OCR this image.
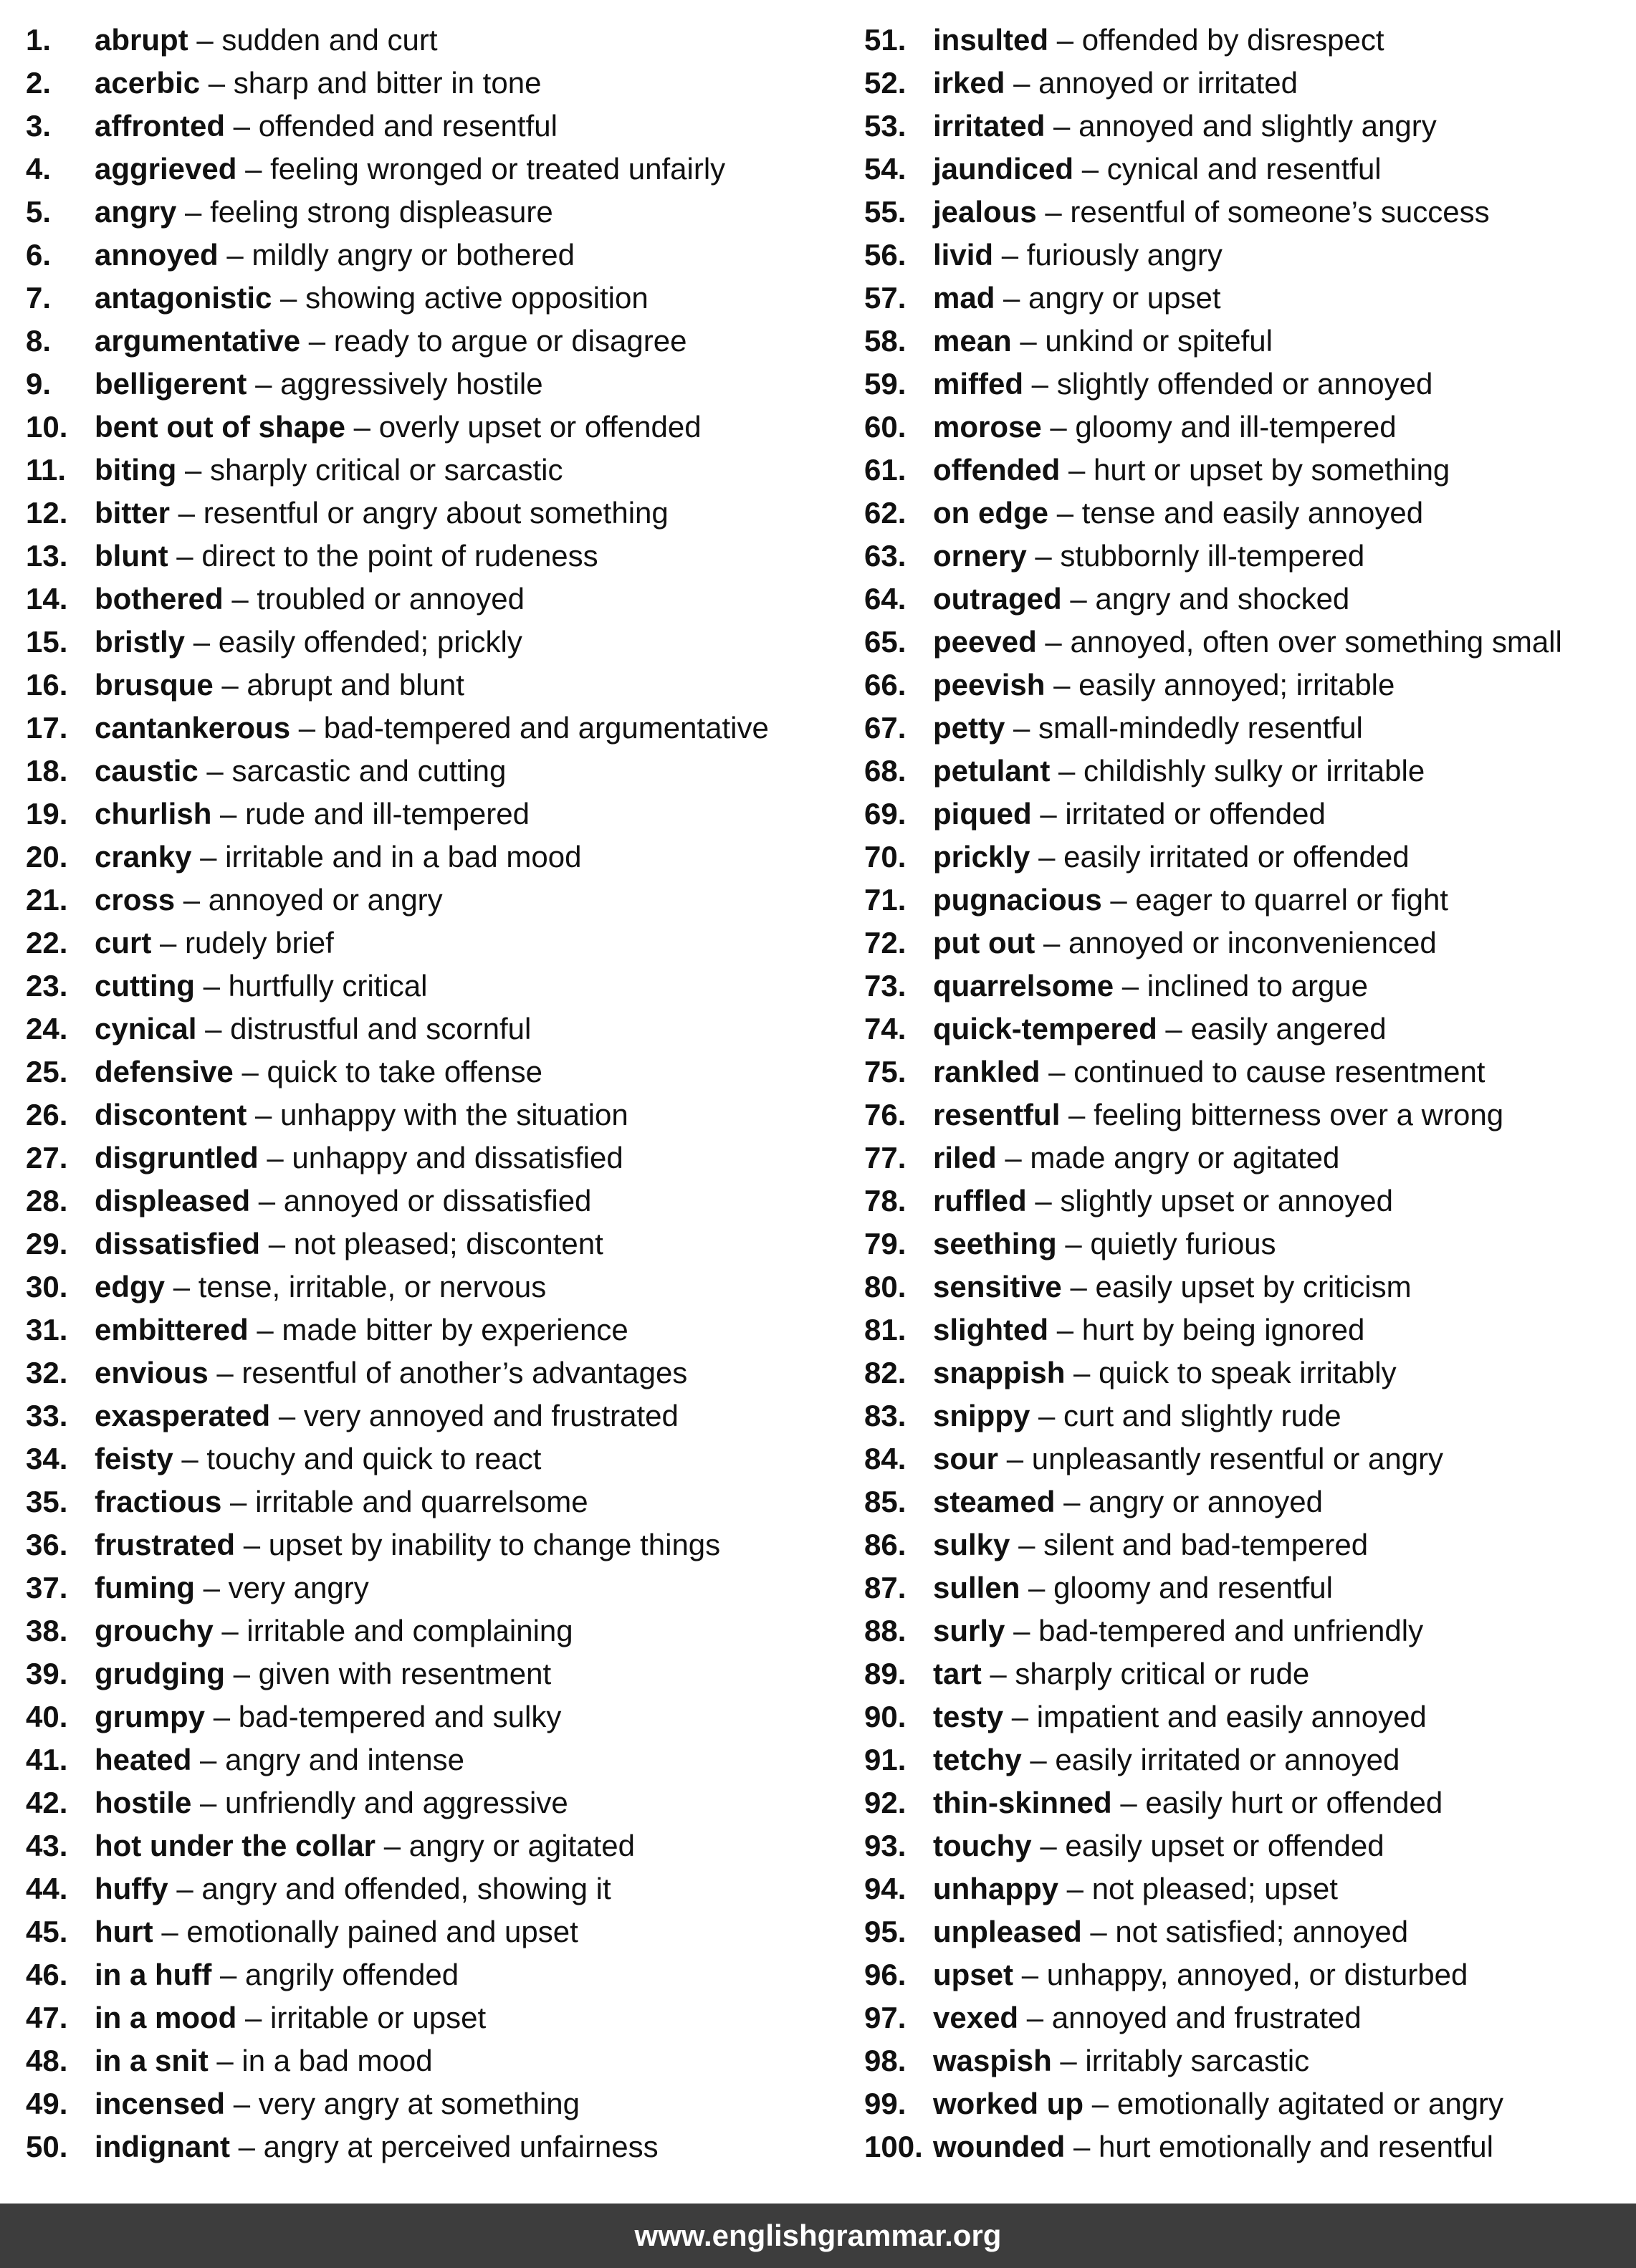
1. abrupt – sudden and curt
2. acerbic – sharp and bitter in tone
3. affronted – offended and resentful
4. aggrieved – feeling wronged or treated unfairly
5. angry – feeling strong displeasure
6. annoyed – mildly angry or bothered
7. antagonistic – showing active opposition
8. argumentative – ready to argue or disagree
9. belligerent – aggressively hostile
10. bent out of shape – overly upset or offended
11. biting – sharply critical or sarcastic
12. bitter – resentful or angry about something
13. blunt – direct to the point of rudeness
14. bothered – troubled or annoyed
15. bristly – easily offended; prickly
16. brusque – abrupt and blunt
17. cantankerous – bad-tempered and argumentative
18. caustic – sarcastic and cutting
19. churlish – rude and ill-tempered
20. cranky – irritable and in a bad mood
21. cross – annoyed or angry
22. curt – rudely brief
23. cutting – hurtfully critical
24. cynical – distrustful and scornful
25. defensive – quick to take offense
26. discontent – unhappy with the situation
27. disgruntled – unhappy and dissatisfied
28. displeased – annoyed or dissatisfied
29. dissatisfied – not pleased; discontent
30. edgy – tense, irritable, or nervous
31. embittered – made bitter by experience
32. envious – resentful of another’s advantages
33. exasperated – very annoyed and frustrated
34. feisty – touchy and quick to react
35. fractious – irritable and quarrelsome
36. frustrated – upset by inability to change things
37. fuming – very angry
38. grouchy – irritable and complaining
39. grudging – given with resentment
40. grumpy – bad-tempered and sulky
41. heated – angry and intense
42. hostile – unfriendly and aggressive
43. hot under the collar – angry or agitated
44. huffy – angry and offended, showing it
45. hurt – emotionally pained and upset
46. in a huff – angrily offended
47. in a mood – irritable or upset
48. in a snit – in a bad mood
49. incensed – very angry at something
50. indignant – angry at perceived unfairness
51. insulted – offended by disrespect
52. irked – annoyed or irritated
53. irritated – annoyed and slightly angry
54. jaundiced – cynical and resentful
55. jealous – resentful of someone’s success
56. livid – furiously angry
57. mad – angry or upset
58. mean – unkind or spiteful
59. miffed – slightly offended or annoyed
60. morose – gloomy and ill-tempered
61. offended – hurt or upset by something
62. on edge – tense and easily annoyed
63. ornery – stubbornly ill-tempered
64. outraged – angry and shocked
65. peeved – annoyed, often over something small
66. peevish – easily annoyed; irritable
67. petty – small-mindedly resentful
68. petulant – childishly sulky or irritable
69. piqued – irritated or offended
70. prickly – easily irritated or offended
71. pugnacious – eager to quarrel or fight
72. put out – annoyed or inconvenienced
73. quarrelsome – inclined to argue
74. quick-tempered – easily angered
75. rankled – continued to cause resentment
76. resentful – feeling bitterness over a wrong
77. riled – made angry or agitated
78. ruffled – slightly upset or annoyed
79. seething – quietly furious
80. sensitive – easily upset by criticism
81. slighted – hurt by being ignored
82. snappish – quick to speak irritably
83. snippy – curt and slightly rude
84. sour – unpleasantly resentful or angry
85. steamed – angry or annoyed
86. sulky – silent and bad-tempered
87. sullen – gloomy and resentful
88. surly – bad-tempered and unfriendly
89. tart – sharply critical or rude
90. testy – impatient and easily annoyed
91. tetchy – easily irritated or annoyed
92. thin-skinned – easily hurt or offended
93. touchy – easily upset or offended
94. unhappy – not pleased; upset
95. unpleased – not satisfied; annoyed
96. upset – unhappy, annoyed, or disturbed
97. vexed – annoyed and frustrated
98. waspish – irritably sarcastic
99. worked up – emotionally agitated or angry
100. wounded – hurt emotionally and resentful
www.englishgrammar.org
